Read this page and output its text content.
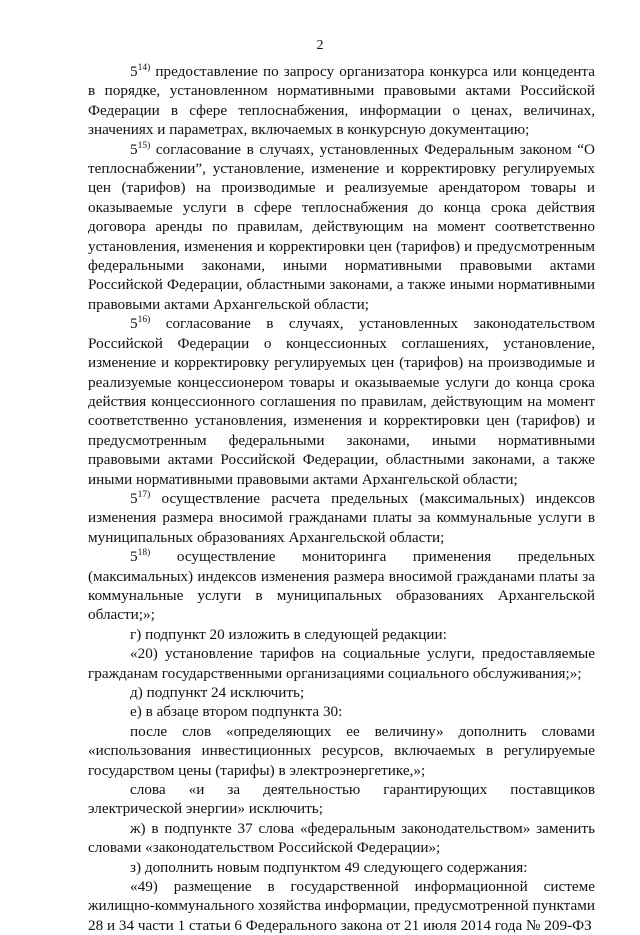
2

5$^{14)}$ предоставление по запросу организатора конкурса или концедента в порядке, установленном нормативными правовыми актами Российской Федерации в сфере теплоснабжения, информации о ценах, величинах, значениях и параметрах, включаемых в конкурсную документацию;

5$^{15)}$ согласование в случаях, установленных Федеральным законом “О теплоснабжении”, установление, изменение и корректировку регулируемых цен (тарифов) на производимые и реализуемые арендатором товары и оказываемые услуги в сфере теплоснабжения до конца срока действия договора аренды по правилам, действующим на момент соответственно установления, изменения и корректировки цен (тарифов) и предусмотренным федеральными законами, иными нормативными правовыми актами Российской Федерации, областными законами, а также иными нормативными правовыми актами Архангельской области;

5$^{16)}$ согласование в случаях, установленных законодательством Российской Федерации о концессионных соглашениях, установление, изменение и корректировку регулируемых цен (тарифов) на производимые и реализуемые концессионером товары и оказываемые услуги до конца срока действия концессионного соглашения по правилам, действующим на момент соответственно установления, изменения и корректировки цен (тарифов) и предусмотренным федеральными законами, иными нормативными правовыми актами Российской Федерации, областными законами, а также иными нормативными правовыми актами Архангельской области;

5$^{17)}$ осуществление расчета предельных (максимальных) индексов изменения размера вносимой гражданами платы за коммунальные услуги в муниципальных образованиях Архангельской области;

5$^{18)}$ осуществление мониторинга применения предельных (максимальных) индексов изменения размера вносимой гражданами платы за коммунальные услуги в муниципальных образованиях Архангельской области;»;

г) подпункт 20 изложить в следующей редакции:

«20) установление тарифов на социальные услуги, предоставляемые гражданам государственными организациями социального обслуживания;»;

д) подпункт 24 исключить;

е) в абзаце втором подпункта 30:

после слов «определяющих ее величину» дополнить словами «использования инвестиционных ресурсов, включаемых в регулируемые государством цены (тарифы) в электроэнергетике,»;

слова «и за деятельностью гарантирующих поставщиков электрической энергии» исключить;

ж) в подпункте 37 слова «федеральным законодательством» заменить словами «законодательством Российской Федерации»;

з) дополнить новым подпунктом 49 следующего содержания:

«49) размещение в государственной информационной системе жилищно-коммунального хозяйства информации, предусмотренной пунктами 28 и 34 части 1 статьи 6 Федерального закона от 21 июля 2014 года № 209-ФЗ
